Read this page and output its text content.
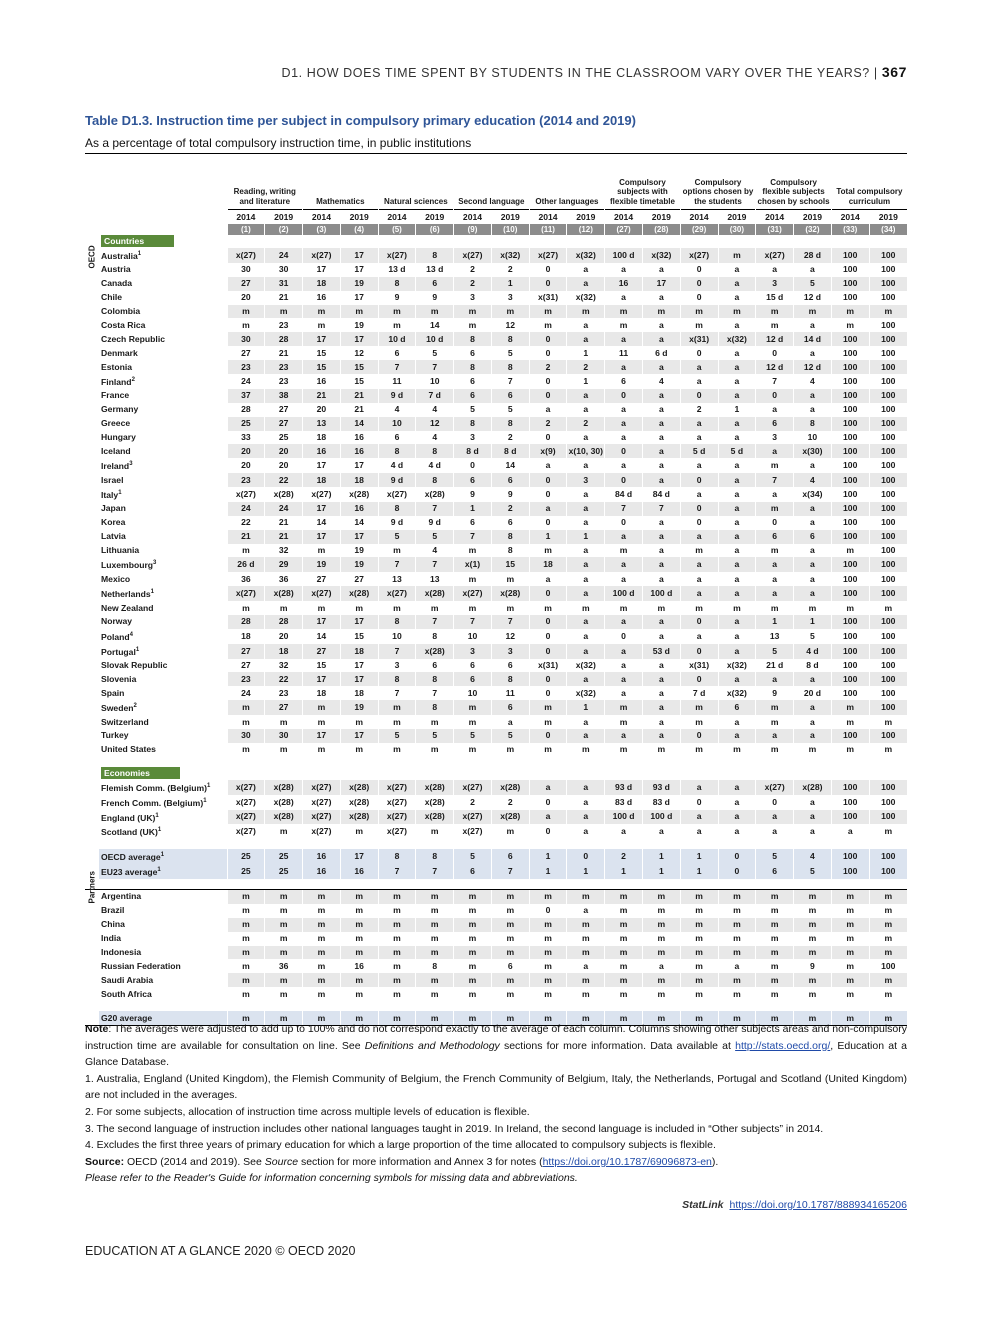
D1. HOW DOES TIME SPENT BY STUDENTS IN THE CLASSROOM VARY OVER THE YEARS? | 367
Table D1.3. Instruction time per subject in compulsory primary education (2014 and 2019)
As a percentage of total compulsory instruction time, in public institutions
		Reading, writing and literature		Mathematics		Natural sciences		Second language		Other languages		Compulsory subjects with flexible timetable		Compulsory options chosen by the students		Compulsory flexible subjects chosen by schools		Total compulsory curriculum	
		2014	2019	2014	2019	2014	2019	2014	2019	2014	2019	2014	2019	2014	2019	2014	2019	2014	2019
		(1)	(2)	(3)	(4)	(5)	(6)	(9)	(10)	(11)	(12)	(27)	(28)	(29)	(30)	(31)	(32)	(33)	(34)

OECD	Countries																		
	Australia$^1$	x(27)	24	x(27)	17	x(27)	8	x(27)	x(32)	x(27)	x(32)	100 d	x(32)	x(27)	m	x(27)	28 d	100	100
	Austria	30	30	17	17	13 d	13 d	2	2	0	a	a	a	0	a	a	a	100	100
	Canada	27	31	18	19	8	6	2	1	0	a	16	17	0	a	3	5	100	100
	Chile	20	21	16	17	9	9	3	3	x(31)	x(32)	a	a	0	a	15 d	12 d	100	100
	Colombia	m	m	m	m	m	m	m	m	m	m	m	m	m	m	m	m	m	m
	Costa Rica	m	23	m	19	m	14	m	12	m	a	m	a	m	a	m	a	m	100
	Czech Republic	30	28	17	17	10 d	10 d	8	8	0	a	a	a	x(31)	x(32)	12 d	14 d	100	100
	Denmark	27	21	15	12	6	5	6	5	0	1	11	6 d	0	a	0	a	100	100
	Estonia	23	23	15	15	7	7	8	8	2	2	a	a	a	a	12 d	12 d	100	100
	Finland$^2$	24	23	16	15	11	10	6	7	0	1	6	4	a	a	7	4	100	100
	France	37	38	21	21	9 d	7 d	6	6	0	a	0	a	0	a	0	a	100	100
	Germany	28	27	20	21	4	4	5	5	a	a	a	a	2	1	a	a	100	100
	Greece	25	27	13	14	10	12	8	8	2	2	a	a	a	a	6	8	100	100
	Hungary	33	25	18	16	6	4	3	2	0	a	a	a	a	a	3	10	100	100
	Iceland	20	20	16	16	8	8	8 d	8 d	x(9)	x(10, 30)	0	a	5 d	5 d	a	x(30)	100	100
	Ireland$^3$	20	20	17	17	4 d	4 d	0	14	a	a	a	a	a	a	m	a	100	100
	Israel	23	22	18	18	9 d	8	6	6	0	3	0	a	0	a	7	4	100	100
	Italy$^1$	x(27)	x(28)	x(27)	x(28)	x(27)	x(28)	9	9	0	a	84 d	84 d	a	a	a	x(34)	100	100
	Japan	24	24	17	16	8	7	1	2	a	a	7	7	0	a	m	a	100	100
	Korea	22	21	14	14	9 d	9 d	6	6	0	a	0	a	0	a	0	a	100	100
	Latvia	21	21	17	17	5	5	7	8	1	1	a	a	a	a	6	6	100	100
	Lithuania	m	32	m	19	m	4	m	8	m	a	m	a	m	a	m	a	m	100
	Luxembourg$^3$	26 d	29	19	19	7	7	x(1)	15	18	a	a	a	a	a	a	a	100	100
	Mexico	36	36	27	27	13	13	m	m	a	a	a	a	a	a	a	a	100	100
	Netherlands$^1$	x(27)	x(28)	x(27)	x(28)	x(27)	x(28)	x(27)	x(28)	0	a	100 d	100 d	a	a	a	a	100	100
	New Zealand	m	m	m	m	m	m	m	m	m	m	m	m	m	m	m	m	m	m
	Norway	28	28	17	17	8	7	7	7	0	a	a	a	0	a	1	1	100	100
	Poland$^4$	18	20	14	15	10	8	10	12	0	a	0	a	a	a	13	5	100	100
	Portugal$^1$	27	18	27	18	7	x(28)	3	3	0	a	a	53 d	0	a	5	4 d	100	100
	Slovak Republic	27	32	15	17	3	6	6	6	x(31)	x(32)	a	a	x(31)	x(32)	21 d	8 d	100	100
	Slovenia	23	22	17	17	8	8	6	8	0	a	a	a	0	a	a	a	100	100
	Spain	24	23	18	18	7	7	10	11	0	x(32)	a	a	7 d	x(32)	9	20 d	100	100
	Sweden$^2$	m	27	m	19	m	8	m	6	m	1	m	a	m	6	m	a	m	100
	Switzerland	m	m	m	m	m	m	m	a	m	a	m	a	m	a	m	a	m	m
	Turkey	30	30	17	17	5	5	5	5	0	a	a	a	0	a	a	a	100	100
	United States	m	m	m	m	m	m	m	m	m	m	m	m	m	m	m	m	m	m

	Economies																		
	Flemish Comm. (Belgium)$^1$	x(27)	x(28)	x(27)	x(28)	x(27)	x(28)	x(27)	x(28)	a	a	93 d	93 d	a	a	x(27)	x(28)	100	100
	French Comm. (Belgium)$^1$	x(27)	x(28)	x(27)	x(28)	x(27)	x(28)	2	2	0	a	83 d	83 d	0	a	0	a	100	100
	England (UK)$^1$	x(27)	x(28)	x(27)	x(28)	x(27)	x(28)	x(27)	x(28)	a	a	100 d	100 d	a	a	a	a	100	100
	Scotland (UK)$^1$	x(27)	m	x(27)	m	x(27)	m	x(27)	m	0	a	a	a	a	a	a	a	a	m

	OECD average$^1$	25	25	16	17	8	8	5	6	1	0	2	1	1	0	5	4	100	100
	EU23 average$^1$	25	25	16	16	7	7	6	7	1	1	1	1	1	0	6	5	100	100

Partners	Argentina	m	m	m	m	m	m	m	m	m	m	m	m	m	m	m	m	m	m
	Brazil	m	m	m	m	m	m	m	m	0	a	m	m	m	m	m	m	m	m
	China	m	m	m	m	m	m	m	m	m	m	m	m	m	m	m	m	m	m
	India	m	m	m	m	m	m	m	m	m	m	m	m	m	m	m	m	m	m
	Indonesia	m	m	m	m	m	m	m	m	m	m	m	m	m	m	m	m	m	m
	Russian Federation	m	36	m	16	m	8	m	6	m	a	m	a	m	a	m	9	m	100
	Saudi Arabia	m	m	m	m	m	m	m	m	m	m	m	m	m	m	m	m	m	m
	South Africa	m	m	m	m	m	m	m	m	m	m	m	m	m	m	m	m	m	m

	G20 average	m	m	m	m	m	m	m	m	m	m	m	m	m	m	m	m	m	m

Note: The averages were adjusted to add up to 100% and do not correspond exactly to the average of each column. Columns showing other subjects areas and non-compulsory instruction time are available for consultation on line. See Definitions and Methodology sections for more information. Data available at http://stats.oecd.org/, Education at a Glance Database.

1. Australia, England (United Kingdom), the Flemish Community of Belgium, the French Community of Belgium, Italy, the Netherlands, Portugal and Scotland (United Kingdom) are not included in the averages.

2. For some subjects, allocation of instruction time across multiple levels of education is flexible.

3. The second language of instruction includes other national languages taught in 2019. In Ireland, the second language is included in “Other subjects” in 2014.

4. Excludes the first three years of primary education for which a large proportion of the time allocated to compulsory subjects is flexible.

Source: OECD (2014 and 2019). See Source section for more information and Annex 3 for notes (https://doi.org/10.1787/69096873-en).

Please refer to the Reader's Guide for information concerning symbols for missing data and abbreviations.

StatLink https://doi.org/10.1787/888934165206
EDUCATION AT A GLANCE 2020 © OECD 2020
